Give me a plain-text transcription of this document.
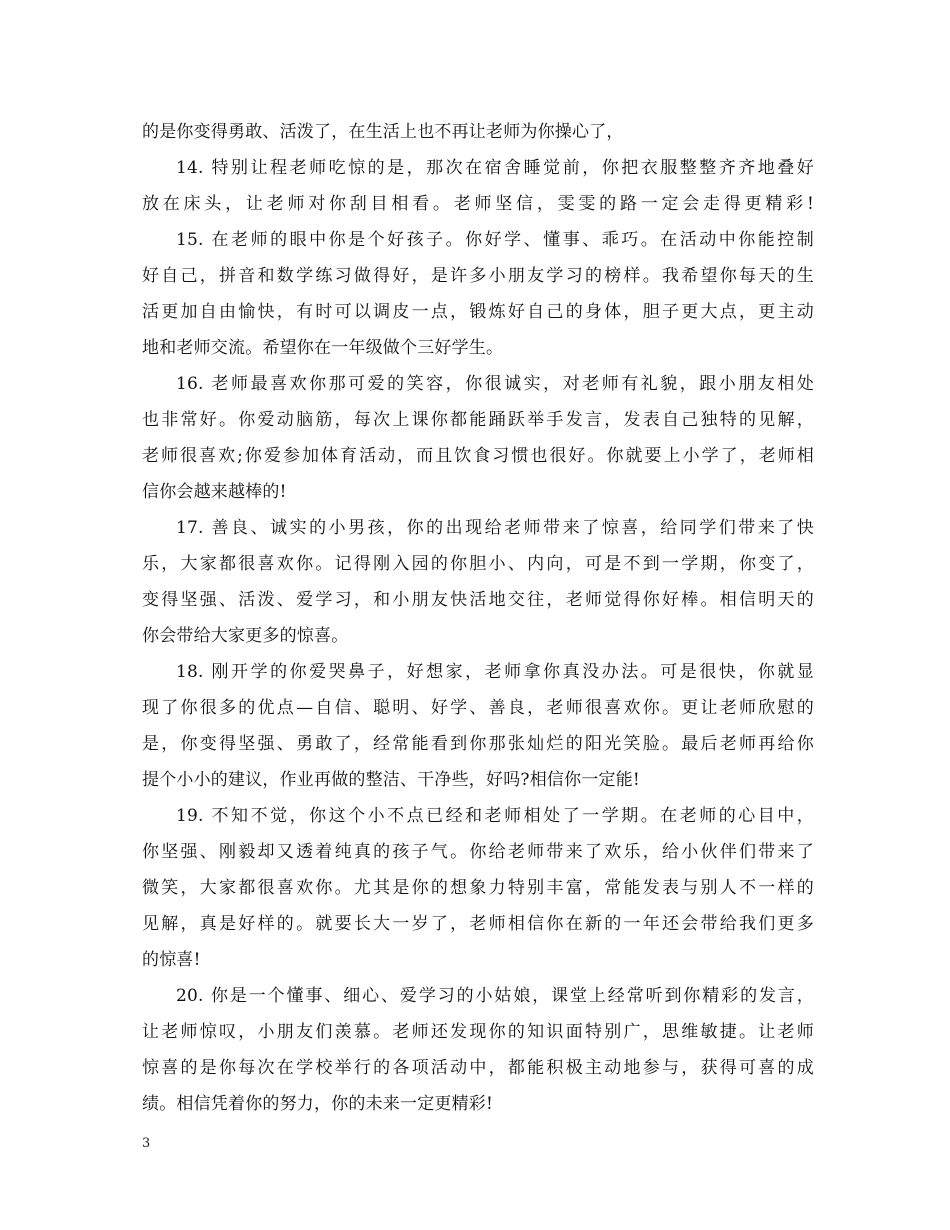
的是你变得勇敢、活泼了，在生活上也不再让老师为你操心了，
14. 特别让程老师吃惊的是，那次在宿舍睡觉前，你把衣服整整齐齐地叠好
放在床头，让老师对你刮目相看。老师坚信，雯雯的路一定会走得更精彩!
15. 在老师的眼中你是个好孩子。你好学、懂事、乖巧。在活动中你能控制
好自己，拼音和数学练习做得好，是许多小朋友学习的榜样。我希望你每天的生
活更加自由愉快，有时可以调皮一点，锻炼好自己的身体，胆子更大点，更主动
地和老师交流。希望你在一年级做个三好学生。
16. 老师最喜欢你那可爱的笑容，你很诚实，对老师有礼貌，跟小朋友相处
也非常好。你爱动脑筋，每次上课你都能踊跃举手发言，发表自己独特的见解，
老师很喜欢;你爱参加体育活动，而且饮食习惯也很好。你就要上小学了，老师相
信你会越来越棒的!
17. 善良、诚实的小男孩，你的出现给老师带来了惊喜，给同学们带来了快
乐，大家都很喜欢你。记得刚入园的你胆小、内向，可是不到一学期，你变了，
变得坚强、活泼、爱学习，和小朋友快活地交往，老师觉得你好棒。相信明天的
你会带给大家更多的惊喜。
18. 刚开学的你爱哭鼻子，好想家，老师拿你真没办法。可是很快，你就显
现了你很多的优点—自信、聪明、好学、善良，老师很喜欢你。更让老师欣慰的
是，你变得坚强、勇敢了，经常能看到你那张灿烂的阳光笑脸。最后老师再给你
提个小小的建议，作业再做的整洁、干净些，好吗?相信你一定能!
19. 不知不觉，你这个小不点已经和老师相处了一学期。在老师的心目中，
你坚强、刚毅却又透着纯真的孩子气。你给老师带来了欢乐，给小伙伴们带来了
微笑，大家都很喜欢你。尤其是你的想象力特别丰富，常能发表与别人不一样的
见解，真是好样的。就要长大一岁了，老师相信你在新的一年还会带给我们更多
的惊喜!
20. 你是一个懂事、细心、爱学习的小姑娘，课堂上经常听到你精彩的发言，
让老师惊叹，小朋友们羡慕。老师还发现你的知识面特别广，思维敏捷。让老师
惊喜的是你每次在学校举行的各项活动中，都能积极主动地参与，获得可喜的成
绩。相信凭着你的努力，你的未来一定更精彩!
3
